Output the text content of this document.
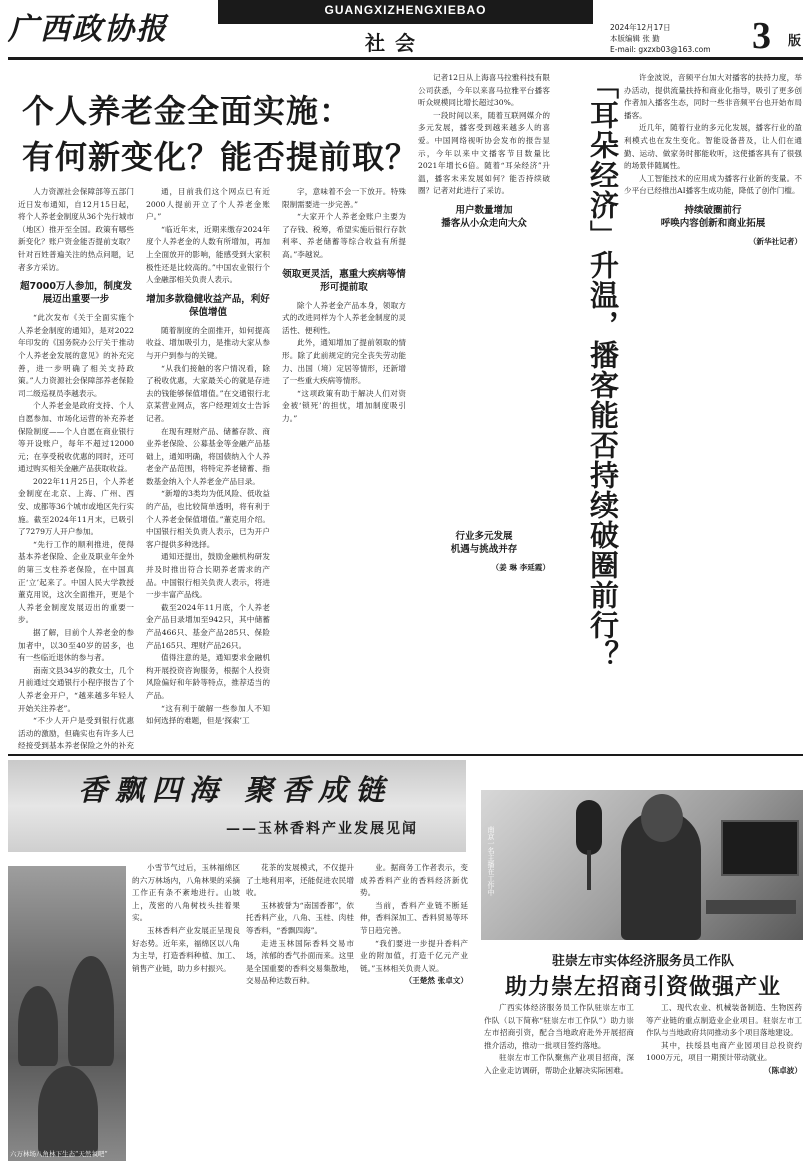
广西政协报
GUANGXIZHENGXIEBAO
社会
2024年12月17日
本版编辑 张 勤
E-mail: gxzxb03@163.com 3 版
个人养老金全面实施：
有何新变化？能否提前取？

人力资源社会保障部等五部门近日发布通知，自12月15日起，将个人养老金制度从36个先行城市（地区）推开至全国。政策有哪些新变化？账户资金能否提前支取？针对百姓普遍关注的热点问题，记者多方采访。

超7000万人参加，制度发展迈出重要一步

“此次发布《关于全面实施个人养老金制度的通知》，是对2022年印发的《国务院办公厅关于推动个人养老金发展的意见》的补充完善，进一步明确了相关支持政策。”人力资源社会保障部养老保险司二级巡视员李越表示。

个人养老金是政府支持、个人自愿参加、市场化运营的补充养老保险制度——个人自愿在商业银行等开设账户，每年不超过12000元；在享受税收优惠的同时，还可通过购买相关金融产品获取收益。

2022年11月25日，个人养老金制度在北京、上海、广州、西安、成都等36个城市或地区先行实施。截至2024年11月末，已吸引了7279万人开户参加。

“先行工作的顺利推进，使得基本养老保险、企业及职业年金外的第三支柱养老保险，在中国真正‘立’起来了。中国人民大学教授董克用说，这次全面推开，更是个人养老金制度发展迈出的重要一步。

据了解，目前个人养老金的参加者中，以30至40岁的居多，也有一些临近退休的参与者。

南南文县34岁的教女士，几个月前通过交通银行小程序报告了个人养老金开户，“越来越多年轻人开始关注养老”。

“不少人开户是受到银行优惠活动的激励，但确实也有许多人已经接受到基本养老保险之外的补充

通，目前我们这个网点已有近2000人提前开立了个人养老金账户。”

“临近年末，近期来缴存2024年度个人养老金的人数有所增加，再加上全面放开的影响，能感受到大家积极性还是比较高的。”中国农业银行个人金融部相关负责人表示。

增加多款稳健收益产品，利好保值增值

随着制度的全面推开，如何提高收益、增加吸引力，是推动大家从参与开户到参与的关键。

“从我们接触的客户情况看，除了税收优惠，大家最关心的就是存进去的钱能够保值增值。”在交通银行北京某营业网点，客户经理刘女士告诉记者。

在现有理财产品、储蓄存款、商业养老保险、公募基金等金融产品基础上，通知明确，将国债纳入个人养老金产品范围，将特定养老储蓄、指数基金纳入个人养老金产品目录。

“新增的3类均为低风险、低收益的产品，也比较简单透明，将有利于个人养老金保值增值。”董克用介绍。中国银行相关负责人表示，已为开户客户提供多种选择。

通知还提出，鼓励金融机构研发并及时推出符合长期养老需求的产品。中国银行相关负责人表示，将进一步丰富产品线。

截至2024年11月底，个人养老金产品目录增加至942只，其中储蓄产品466只、基金产品285只、保险产品165只、理财产品26只。

值得注意的是，通知要求金融机构开展投资咨询服务，根据个人投资风险偏好和年龄等特点，推荐适当的产品。

“这有利于破解一些参加人不知如何选择的难题，但是‘探索’工

字，意味着不会一下放开。特殊限制需要进一步完善。”

“大家开个人养老金账户主要为了存钱、税筹，希望实施后银行存款利率、养老储蓄等综合收益有所提高。”李越说。

领取更灵活，惠重大疾病等情形可提前取

除个人养老金产品本身，领取方式的改进同样为个人养老金制度的灵活性、便利性。

此外，通知增加了提前领取的情形。除了此前规定的完全丧失劳动能力、出国（境）定居等情形，还新增了一些重大疾病等情形。

“这项政策有助于解决人们对资金被‘锁死’的担忧，增加制度吸引力。”

记者12日从上海喜马拉雅科技有限公司获悉，今年以来喜马拉雅平台播客听众规模同比增长超过30%。

一段时间以来，随着互联网媒介的多元发展，播客受到越来越多人的喜爱。中国网络视听协会发布的报告显示，今年以来中文播客节目数量比2021年增长6倍。随着“耳朵经济”升温，播客未来发展如何？能否持续破圈？记者对此进行了采访。

用户数量增加
播客从小众走向大众
行业多元发展
机遇与挑战并存
（姜 琳 李延霞）	「耳朵经济」升温，播客能否持续破圈前行？	许金波说，音频平台加大对播客的扶持力度，举办活动，提供流量扶持和商业化指导，吸引了更多创作者加入播客生态，同时一些非音频平台也开始布局播客。

近几年，随着行业的多元化发展，播客行业的盈利模式也在发生变化。智能设备普及，让人们在通勤、运动、做家务时都能收听，这使播客具有了很强的场景伴随属性。

人工智能技术的应用成为播客行业新的变量。不少平台已经推出AI播客生成功能，降低了创作门槛。

持续破圈前行
呼唤内容创新和商业拓展
（新华社记者）
香飘四海 聚香成链
——玉林香料产业发展见闻
六万林场八角林下生态“天然氧吧”

小雪节气过后，玉林福绵区的六万林场内，八角林果的采摘工作正有条不紊地进行。山坡上，茂密的八角树枝头挂着果实。

玉林香料产业发展正呈现良好态势。近年来，福绵区以八角为主导，打造香料种植、加工、销售产业链，助力乡村振兴。

花茶的发展模式，不仅提升了土地利用率，还能促进农民增收。

玉林被誉为“南国香都”，依托香料产业，八角、玉桂、肉桂等香料，“香飘四海”。

走进玉林国际香料交易市场，浓郁的香气扑面而来。这里是全国重要的香料交易集散地，交易品种达数百种。

业。据商务工作者表示，变成养香料产业的香料经济新优势。

当前，香料产业链不断延伸，香料深加工、香料贸易等环节日趋完善。

“我们要进一步提升香料产业的附加值，打造千亿元产业链。”玉林相关负责人说。

（王楚然 张卓文）
南京一名主播在工作中
驻崇左市实体经济服务员工作队
助力崇左招商引资做强产业

广西实体经济服务员工作队驻崇左市工作队（以下简称“驻崇左市工作队”）助力崇左市招商引资，配合当地政府赴外开展招商推介活动，推动一批项目签约落地。

驻崇左市工作队聚焦产业项目招商，深入企业走访调研，帮助企业解决实际困难。

工、现代农业、机械装备制造、生物医药等产业链的重点制造业企业项目。驻崇左市工作队与当地政府共同推动多个项目落地建设。

其中，扶绥县电商产业园项目总投资约1000万元，项目一期预计带动就业。

（陈卓波）
